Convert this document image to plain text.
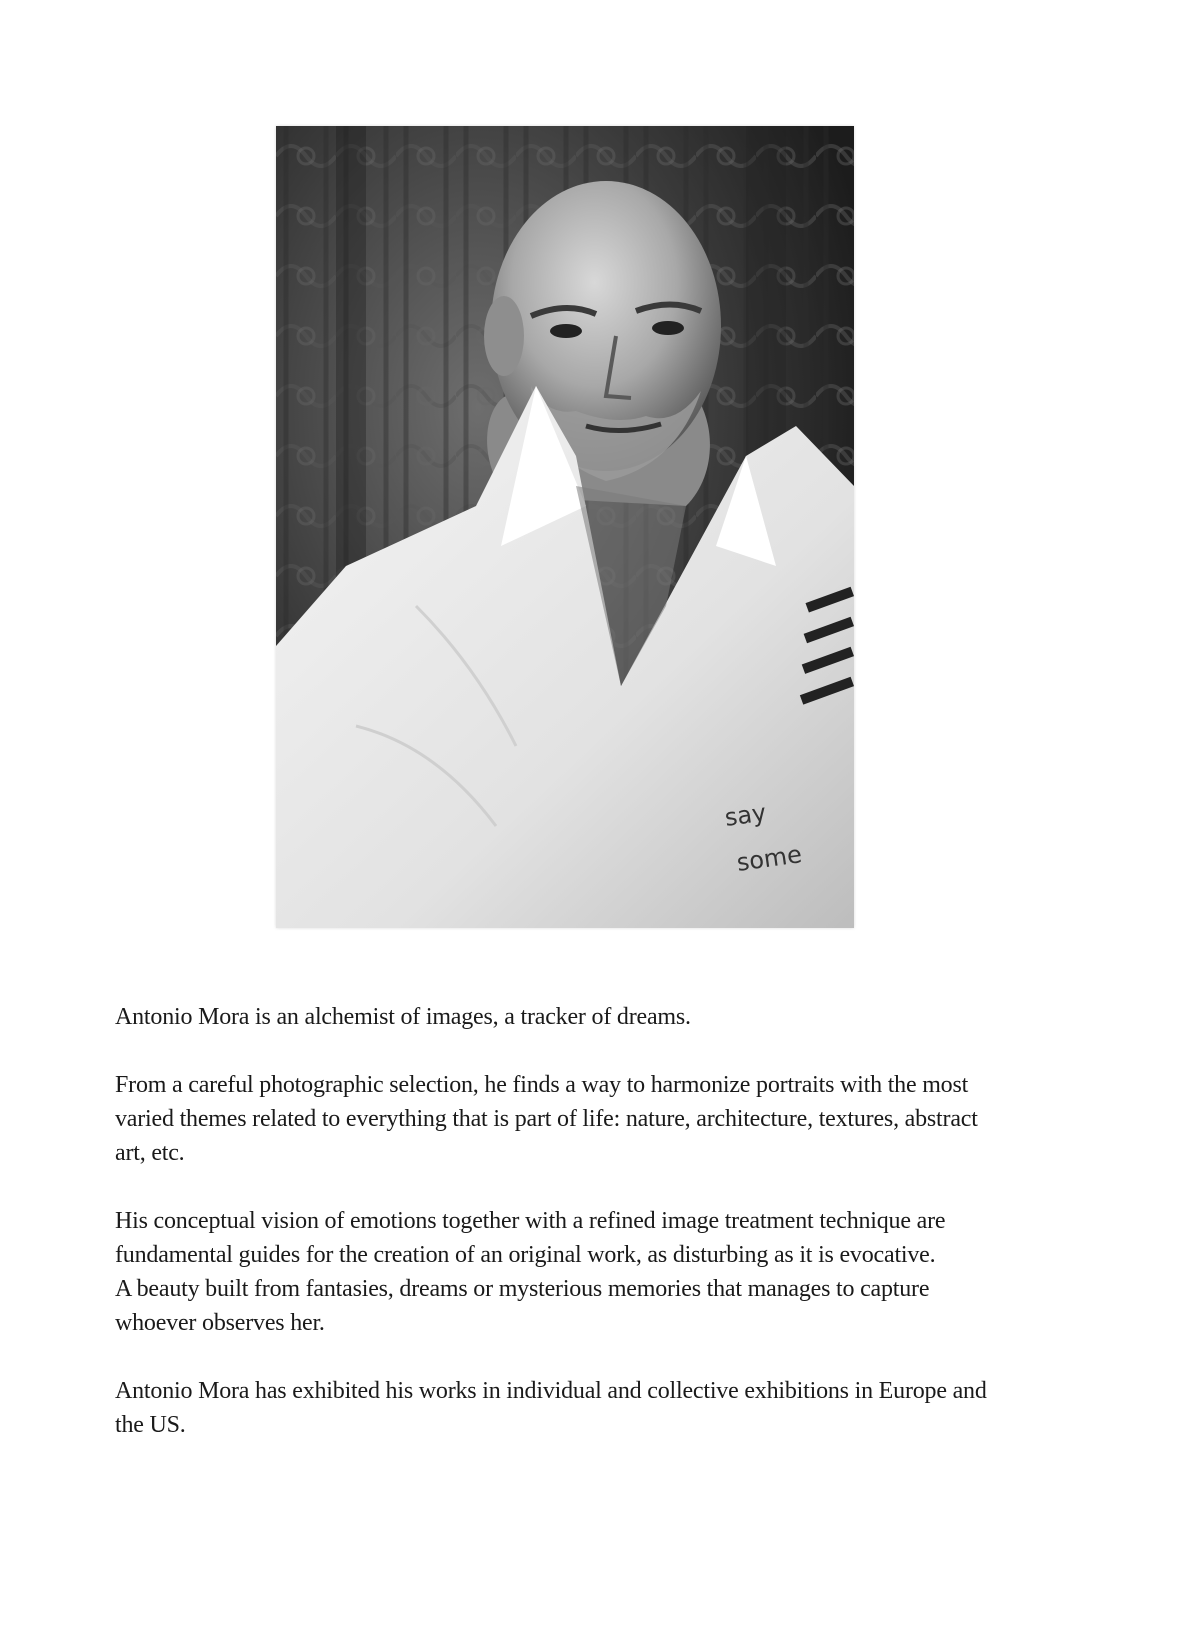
say
some

Antonio Mora is an alchemist of images, a tracker of dreams.

From a careful photographic selection, he finds a way to harmonize portraits with the most
varied themes related to everything that is part of life: nature, architecture, textures, abstract
art, etc.

His conceptual vision of emotions together with a refined image treatment technique are
fundamental guides for the creation of an original work, as disturbing as it is evocative.
A beauty built from fantasies, dreams or mysterious memories that manages to capture
whoever observes her.

Antonio Mora has exhibited his works in individual and collective exhibitions in Europe and
the US.
